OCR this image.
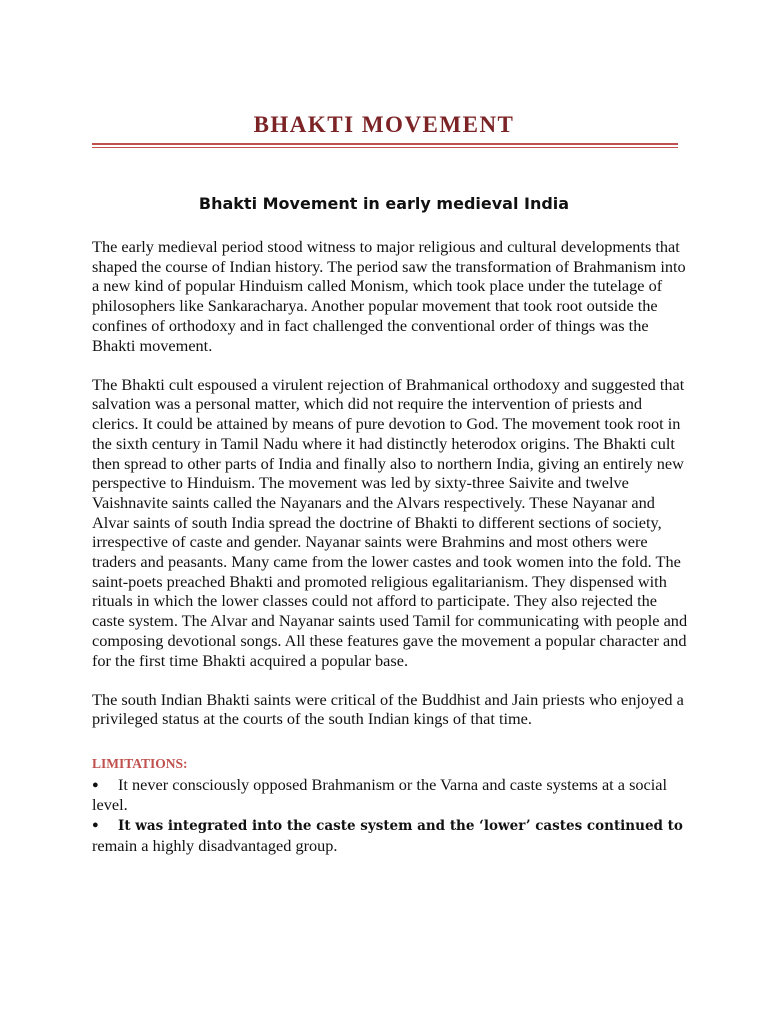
BHAKTI MOVEMENT
Bhakti Movement in early medieval India

The early medieval period stood witness to major religious and cultural developments that shaped the course of Indian history. The period saw the transformation of Brahmanism into a new kind of popular Hinduism called Monism, which took place under the tutelage of philosophers like Sankaracharya. Another popular movement that took root outside the confines of orthodoxy and in fact challenged the conventional order of things was the Bhakti movement.

The Bhakti cult espoused a virulent rejection of Brahmanical orthodoxy and suggested that salvation was a personal matter, which did not require the intervention of priests and clerics. It could be attained by means of pure devotion to God. The movement took root in the sixth century in Tamil Nadu where it had distinctly heterodox origins. The Bhakti cult then spread to other parts of India and finally also to northern India, giving an entirely new perspective to Hinduism. The movement was led by sixty-three Saivite and twelve Vaishnavite saints called the Nayanars and the Alvars respectively. These Nayanar and Alvar saints of south India spread the doctrine of Bhakti to different sections of society, irrespective of caste and gender. Nayanar saints were Brahmins and most others were traders and peasants. Many came from the lower castes and took women into the fold. The saint-poets preached Bhakti and promoted religious egalitarianism. They dispensed with rituals in which the lower classes could not afford to participate. They also rejected the caste system. The Alvar and Nayanar saints used Tamil for communicating with people and composing devotional songs. All these features gave the movement a popular character and for the first time Bhakti acquired a popular base.

The south Indian Bhakti saints were critical of the Buddhist and Jain priests who enjoyed a privileged status at the courts of the south Indian kings of that time.

LIMITATIONS:

● It never consciously opposed Brahmanism or the Varna and caste systems at a social level.

● It was integrated into the caste system and the ‘lower’ castes continued to
remain a highly disadvantaged group.
